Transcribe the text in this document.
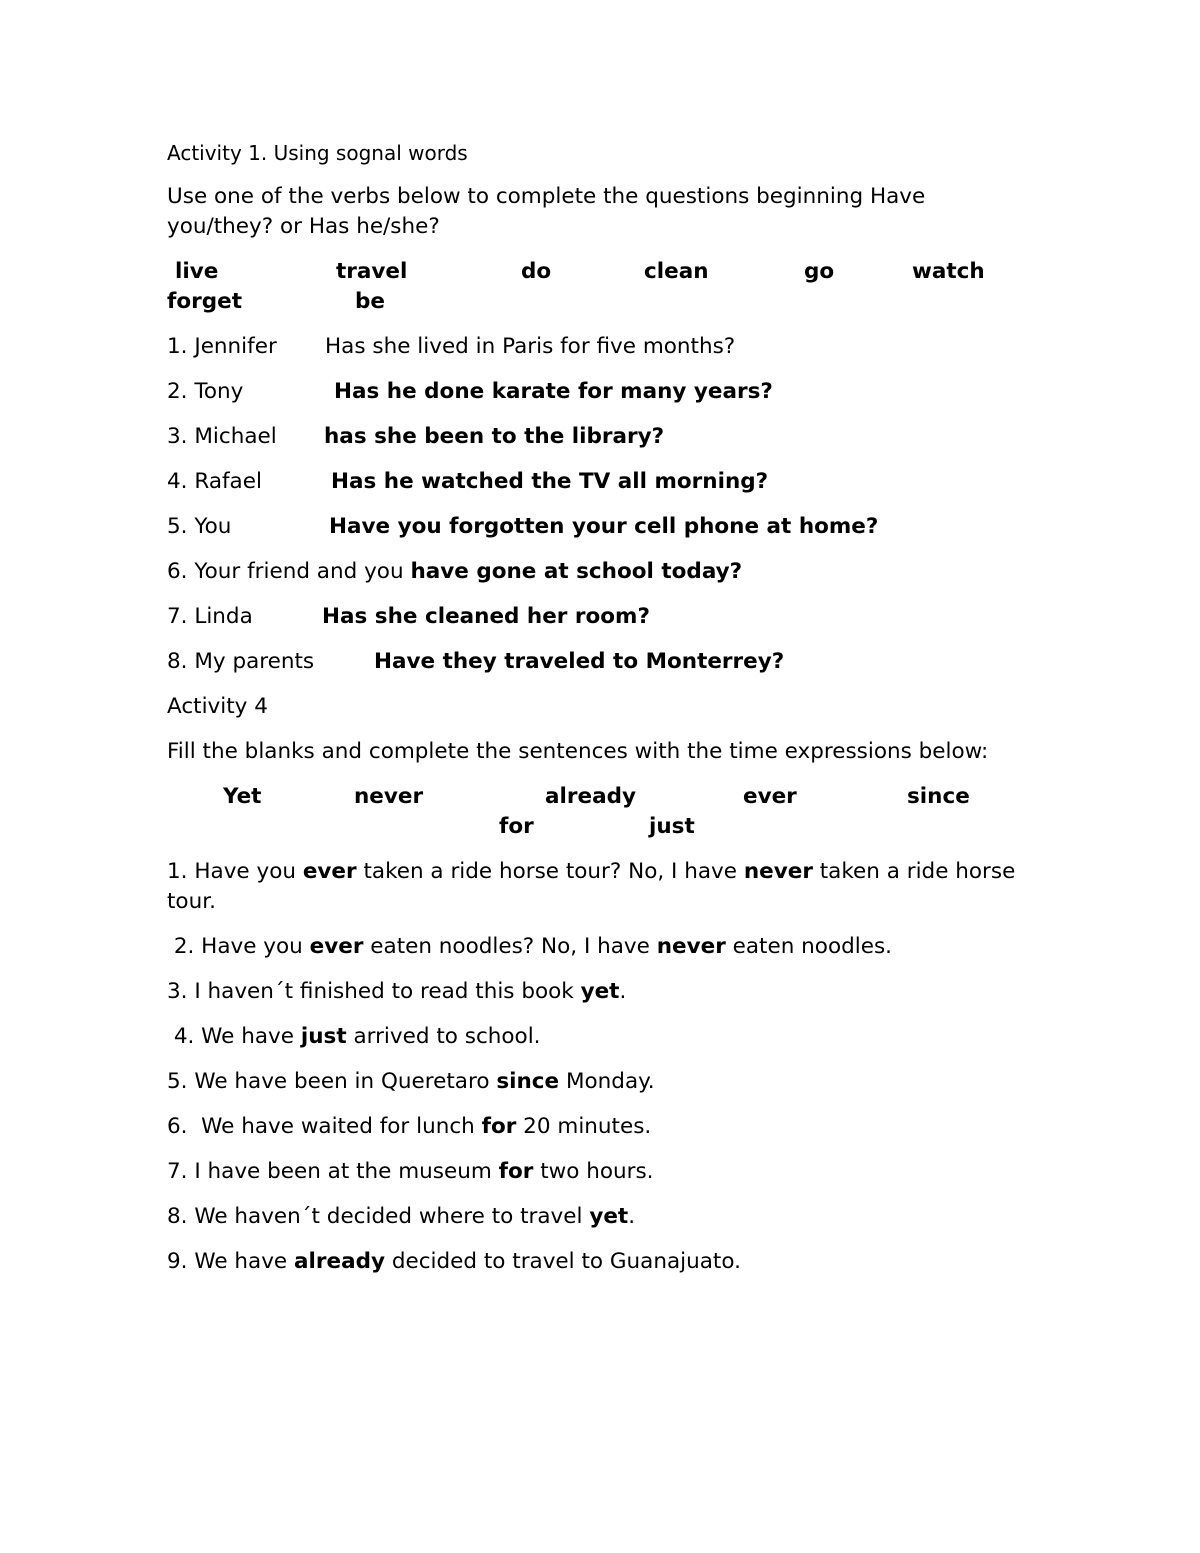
Activity 1. Using sognal words
Use one of the verbs below to complete the questions beginning Have you/they? or Has he/she?
live	travel	do	clean	go	watch
forget	be
1. Jennifer Has she lived in Paris for five months?
2. Tony	Has he done karate for many years?
3. Michael has she been to the library?
4. Rafael	Has he watched the TV all morning?
5. You	Have you forgotten your cell phone at home?
6. Your friend and you have gone at school today?
7. Linda	Has she cleaned her room?
8. My parents	Have they traveled to Monterrey?
Activity 4
Fill the blanks and complete the sentences with the time expressions below:
Yet	never	already	ever	since
for	just
1. Have you ever taken a ride horse tour? No, I have never taken a ride horse tour.
2. Have you ever eaten noodles? No, I have never eaten noodles.
3. I haven´t finished to read this book yet.
4. We have just arrived to school.
5. We have been in Queretaro since Monday.
6.  We have waited for lunch for 20 minutes.
7. I have been at the museum for two hours.
8. We haven´t decided where to travel yet.
9. We have already decided to travel to Guanajuato.
